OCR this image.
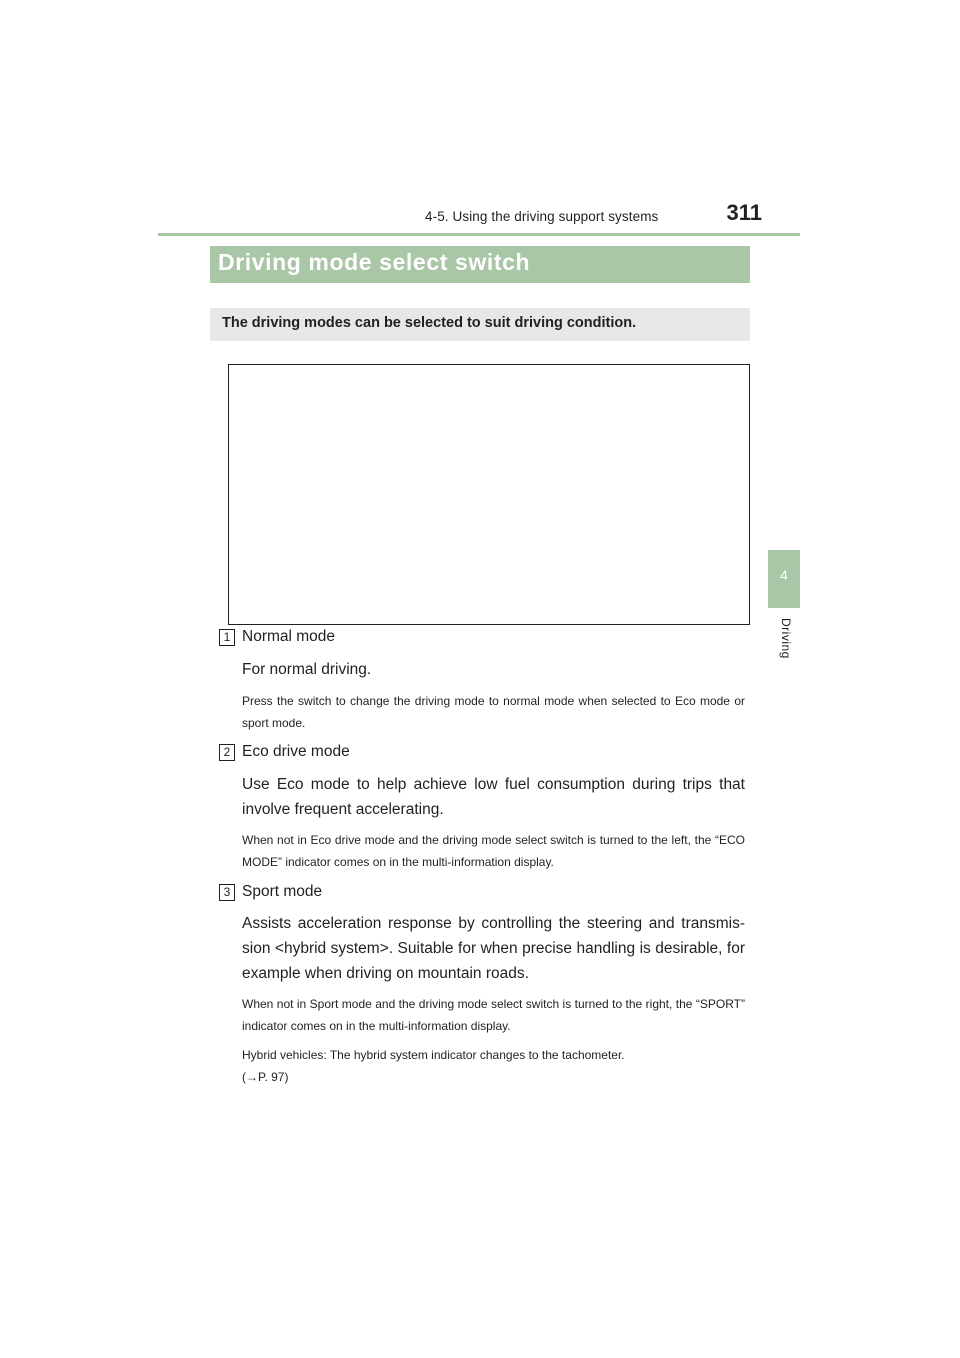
4-5. Using the driving support systems	311
4
Driving
Driving mode select switch
The driving modes can be selected to suit driving condition.
1 Normal mode
For normal driving.
Press the switch to change the driving mode to normal mode when selected to Eco mode or sport mode.
2 Eco drive mode
Use Eco mode to help achieve low fuel consumption during trips that involve frequent accelerating.
When not in Eco drive mode and the driving mode select switch is turned to the left, the “ECO MODE” indicator comes on in the multi-information display.
3 Sport mode
Assists acceleration response by controlling the steering and transmis- sion <hybrid system>. Suitable for when precise handling is desirable, for example when driving on mountain roads.
When not in Sport mode and the driving mode select switch is turned to the right, the “SPORT” indicator comes on in the multi-information display.
Hybrid vehicles: The hybrid system indicator changes to the tachometer.
(→P. 97)
